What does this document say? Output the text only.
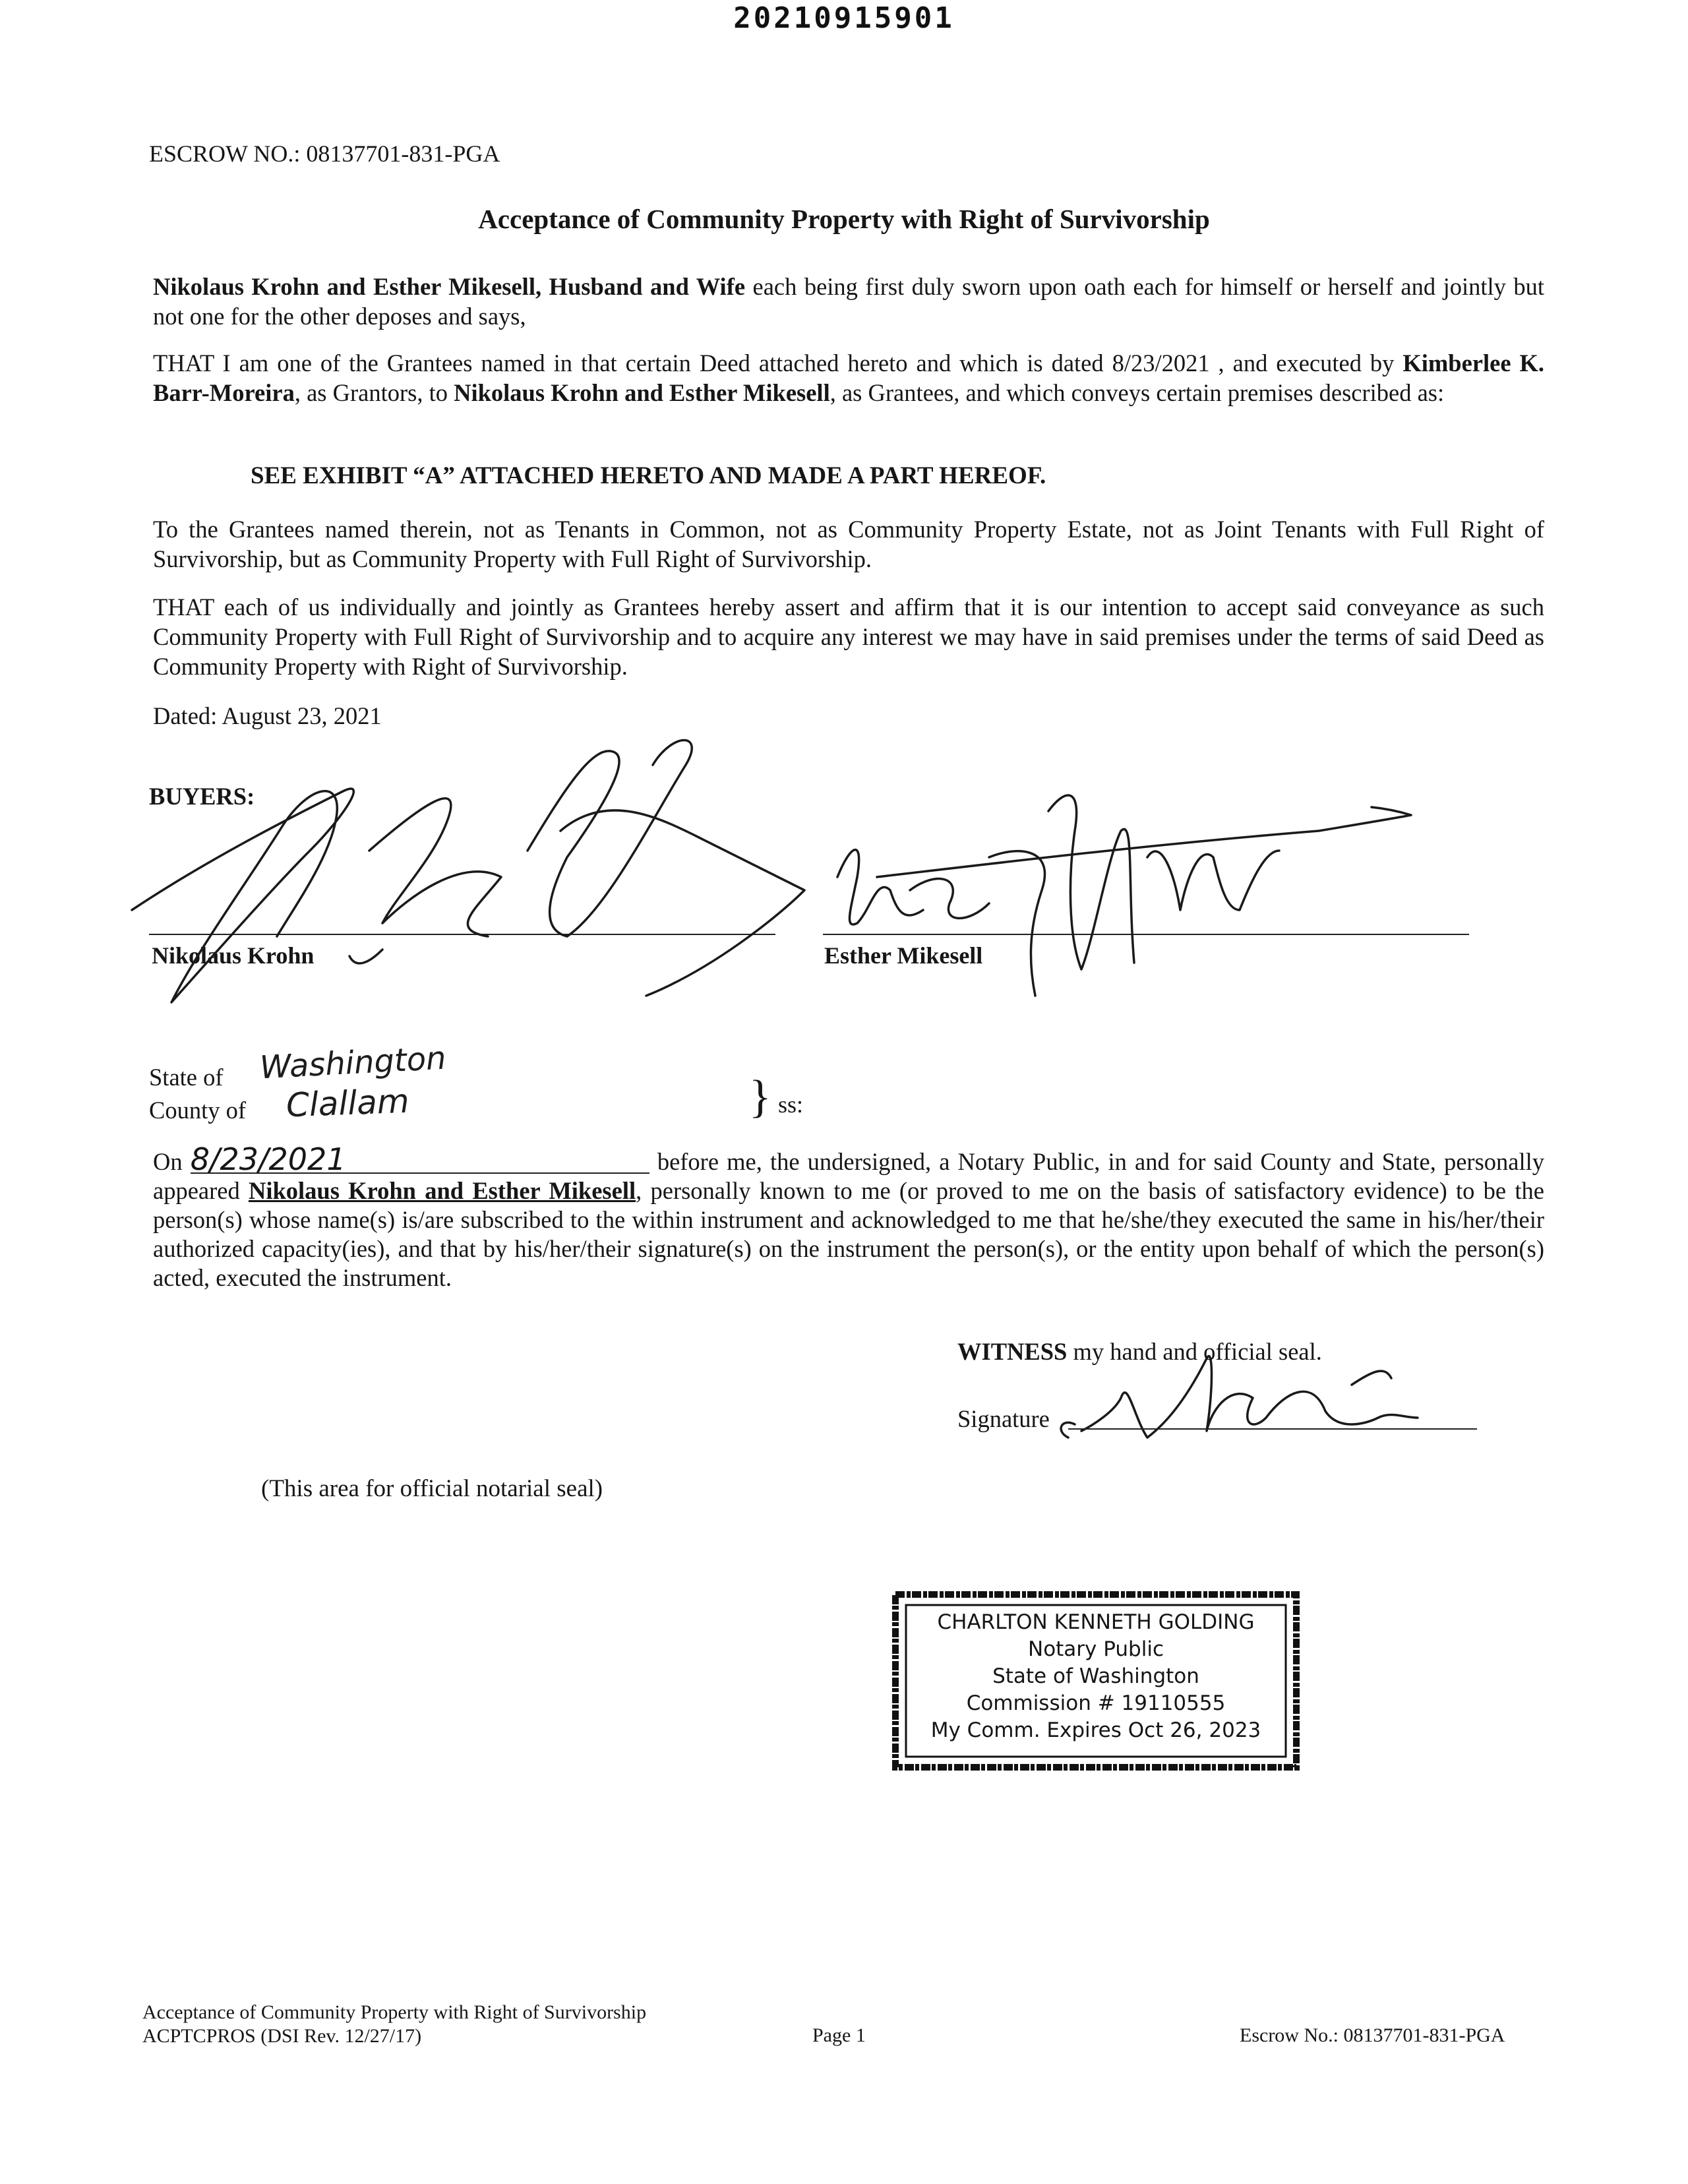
20210915901
ESCROW NO.: 08137701-831-PGA
Acceptance of Community Property with Right of Survivorship
Nikolaus Krohn and Esther Mikesell, Husband and Wife each being first duly sworn upon oath each for himself or herself and jointly but not one for the other deposes and says,
THAT I am one of the Grantees named in that certain Deed attached hereto and which is dated 8/23/2021 , and executed by Kimberlee K. Barr-Moreira, as Grantors, to Nikolaus Krohn and Esther Mikesell, as Grantees, and which conveys certain premises described as:
SEE EXHIBIT “A” ATTACHED HERETO AND MADE A PART HEREOF.
To the Grantees named therein, not as Tenants in Common, not as Community Property Estate, not as Joint Tenants with Full Right of Survivorship, but as Community Property with Full Right of Survivorship.
THAT each of us individually and jointly as Grantees hereby assert and affirm that it is our intention to accept said conveyance as such Community Property with Full Right of Survivorship and to acquire any interest we may have in said premises under the terms of said Deed as Community Property with Right of Survivorship.
Dated: August 23, 2021
BUYERS:
Nikolaus Krohn	Esther Mikesell
State of Washington
County of Clallam	} ss:
On 8/23/2021	before me, the undersigned, a Notary Public, in and for said County and State, personally appeared Nikolaus Krohn and Esther Mikesell, personally known to me (or proved to me on the basis of satisfactory evidence) to be the person(s) whose name(s) is/are subscribed to the within instrument and acknowledged to me that he/she/they executed the same in his/her/their authorized capacity(ies), and that by his/her/their signature(s) on the instrument the person(s), or the entity upon behalf of which the person(s) acted, executed the instrument.
WITNESS my hand and official seal.
Signature
(This area for official notarial seal)
CHARLTON KENNETH GOLDING
Notary Public
State of Washington
Commission # 19110555
My Comm. Expires Oct 26, 2023
Acceptance of Community Property with Right of Survivorship
ACPTCPROS (DSI Rev. 12/27/17)	Page 1	Escrow No.: 08137701-831-PGA
